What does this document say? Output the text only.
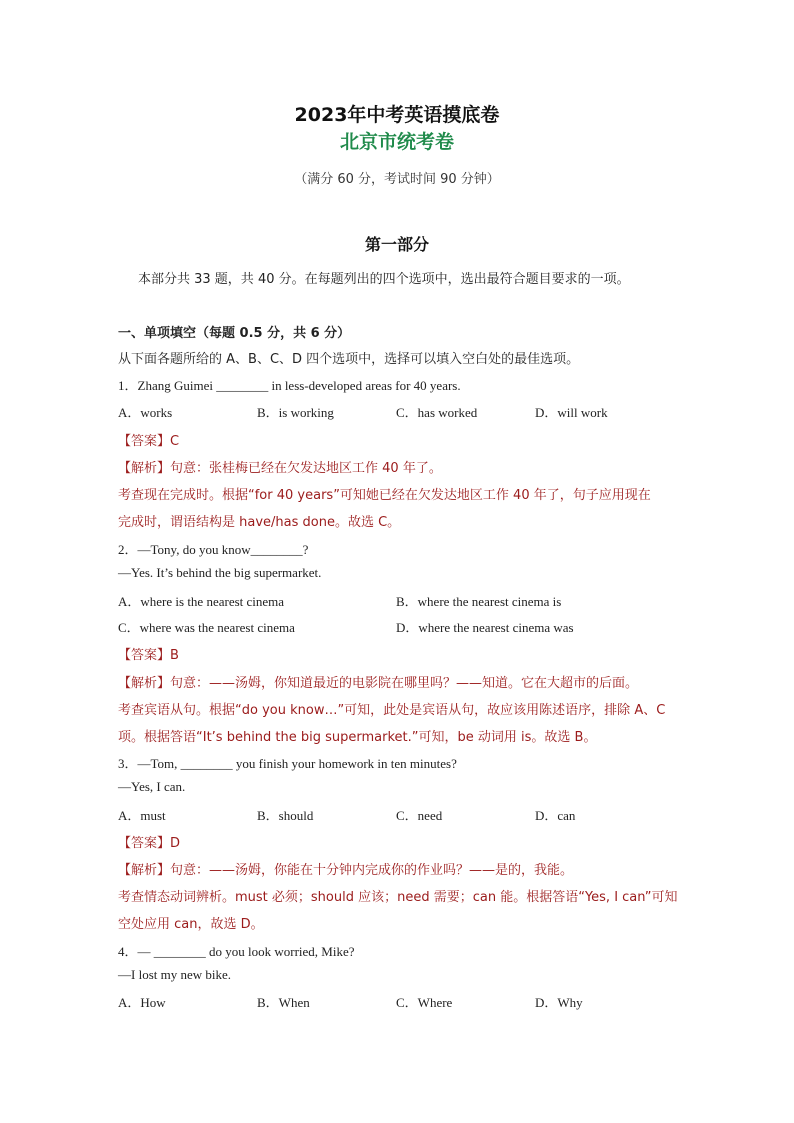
2023年中考英语摸底卷
北京市统考卷
（满分 60 分，考试时间 90 分钟）
第一部分
本部分共 33 题，共 40 分。在每题列出的四个选项中，选出最符合题目要求的一项。
一、单项填空（每题 0.5 分，共 6 分）
从下面各题所给的 A、B、C、D 四个选项中，选择可以填入空白处的最佳选项。
1．Zhang Guimei ________ in less-developed areas for 40 years.
A．works	B．is working	C．has worked	D．will work
【答案】C
【解析】句意：张桂梅已经在欠发达地区工作 40 年了。
考查现在完成时。根据“for 40 years”可知她已经在欠发达地区工作 40 年了，句子应用现在
完成时，谓语结构是 have/has done。故选 C。
2．—Tony, do you know________?
—Yes. It’s behind the big supermarket.
A．where is the nearest cinema	B．where the nearest cinema is
C．where was the nearest cinema	D．where the nearest cinema was
【答案】B
【解析】句意：——汤姆，你知道最近的电影院在哪里吗？——知道。它在大超市的后面。
考查宾语从句。根据“do you know…”可知，此处是宾语从句，故应该用陈述语序，排除 A、C
项。根据答语“It’s behind the big supermarket.”可知，be 动词用 is。故选 B。
3．—Tom, ________ you finish your homework in ten minutes?
—Yes, I can.
A．must	B．should	C．need	D．can
【答案】D
【解析】句意：——汤姆，你能在十分钟内完成你的作业吗？——是的，我能。
考查情态动词辨析。must 必须；should 应该；need 需要；can 能。根据答语“Yes, I can”可知
空处应用 can，故选 D。
4．— ________ do you look worried, Mike?
—I lost my new bike.
A．How	B．When	C．Where	D．Why
